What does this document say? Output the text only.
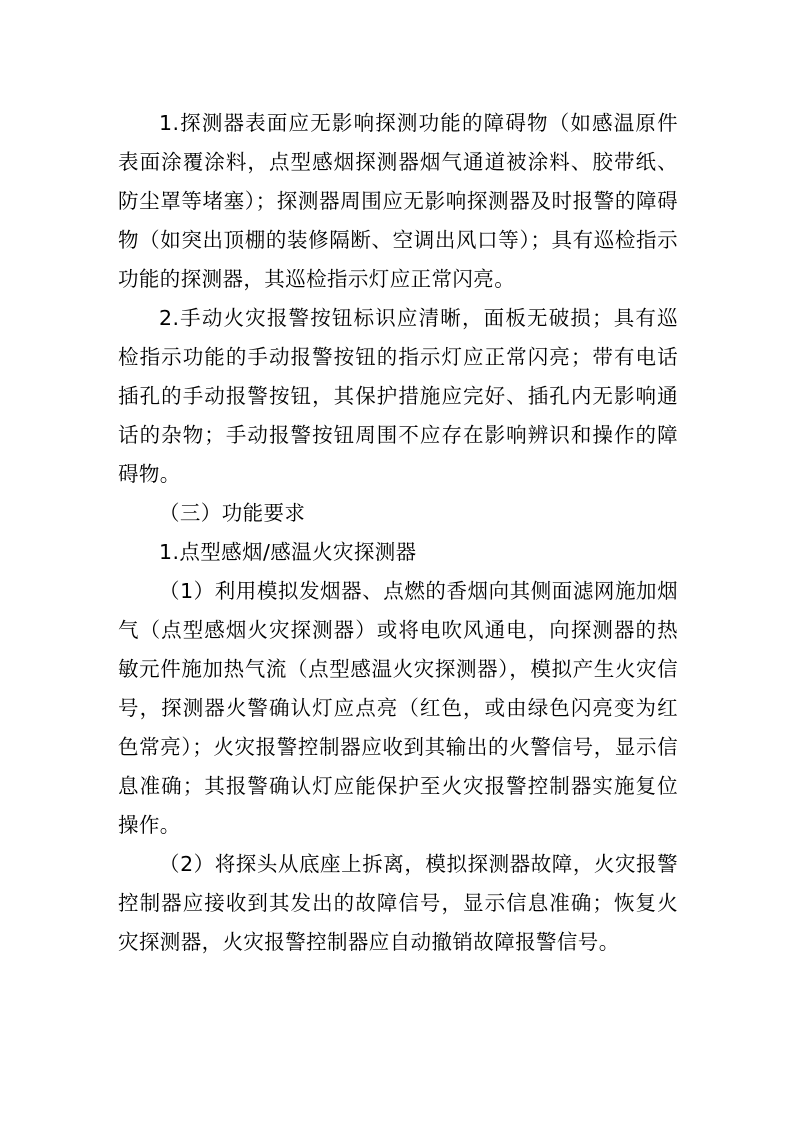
1.探测器表面应无影响探测功能的障碍物（如感温原件表面涂覆涂料，点型感烟探测器烟气通道被涂料、胶带纸、防尘罩等堵塞）；探测器周围应无影响探测器及时报警的障碍物（如突出顶棚的装修隔断、空调出风口等）；具有巡检指示功能的探测器，其巡检指示灯应正常闪亮。

2.手动火灾报警按钮标识应清晰，面板无破损；具有巡检指示功能的手动报警按钮的指示灯应正常闪亮；带有电话插孔的手动报警按钮，其保护措施应完好、插孔内无影响通话的杂物；手动报警按钮周围不应存在影响辨识和操作的障碍物。

（三）功能要求

1.点型感烟/感温火灾探测器

（1）利用模拟发烟器、点燃的香烟向其侧面滤网施加烟气（点型感烟火灾探测器）或将电吹风通电，向探测器的热敏元件施加热气流（点型感温火灾探测器），模拟产生火灾信号，探测器火警确认灯应点亮（红色，或由绿色闪亮变为红色常亮）；火灾报警控制器应收到其输出的火警信号，显示信息准确；其报警确认灯应能保护至火灾报警控制器实施复位操作。

（2）将探头从底座上拆离，模拟探测器故障，火灾报警控制器应接收到其发出的故障信号，显示信息准确；恢复火灾探测器，火灾报警控制器应自动撤销故障报警信号。
